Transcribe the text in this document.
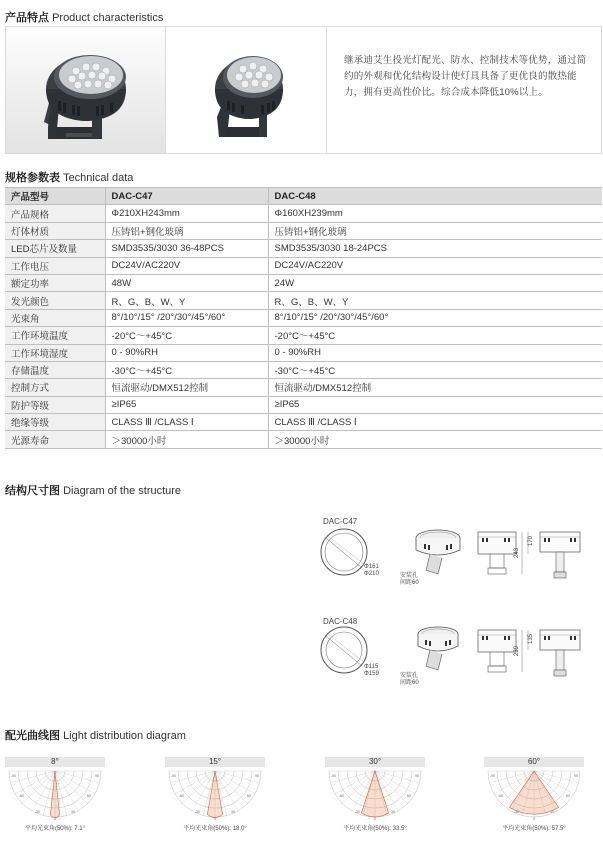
产品特点 Product characteristics
继承迪艾生投光灯配光、防水、控制技术等优势，通过简约的外观和优化结构设计使灯具具备了更优良的散热能力，拥有更高性价比。综合成本降低10%以上。
规格参数表 Technical data
产品型号	DAC-C47	DAC-C48
产品规格	Φ210XH243mm	Φ160XH239mm
灯体材质	压铸铝+钢化玻璃	压铸铝+钢化玻璃
LED芯片及数量	SMD3535/3030 36-48PCS	SMD3535/3030 18-24PCS
工作电压	DC24V/AC220V	DC24V/AC220V
额定功率	48W	24W
发光颜色	R、G、B、W、Y	R、G、B、W、Y
光束角	8°/10°/15° /20°/30°/45°/60°	8°/10°/15° /20°/30°/45°/60°
工作环境温度	-20°C～+45°C	-20°C～+45°C
工作环境湿度	0 - 90%RH	0 - 90%RH
存储温度	-30°C～+45°C	-30°C～+45°C
控制方式	恒流驱动/DMX512控制	恒流驱动/DMX512控制
防护等级	≥IP65	≥IP65
绝缘等级	CLASS Ⅲ /CLASS Ⅰ	CLASS Ⅲ /CLASS Ⅰ
光源寿命	＞30000小时	＞30000小时
结构尺寸图 Diagram of the structure
DAC-C47
Φ161
Φ210	安装孔
间距60
243
170
DAC-C48
Φ115
Φ159	安装孔
间距60
239
135
配光曲线图 Light distribution diagram
8°
-90	90
-60	60
-30	30
0
平均光束角(50%): 7.1°
15°
-90	90
-60	60
-30	30
0
平均光束角(50%): 18.0°
30°
-90	90
-60	60
-30	30
0
平均光束角(50%): 33.5°
60°
-90	90
-60	60
-30	30
0
平均光束角(50%): 57.5°
